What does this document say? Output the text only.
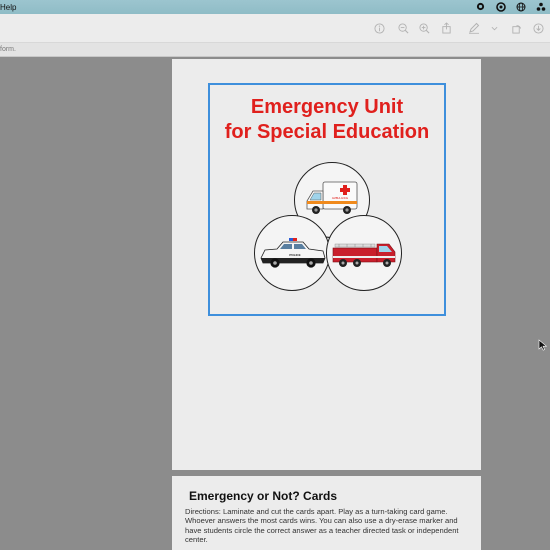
Help
form.
Emergency Unit
for Special Education
AMBULANCE
POLICE
Emergency or Not? Cards
Directions: Laminate and cut the cards apart. Play as a turn-taking card game. Whoever answers the most cards wins. You can also use a dry-erase marker and have students circle the correct answer as a teacher directed task or independent center.
